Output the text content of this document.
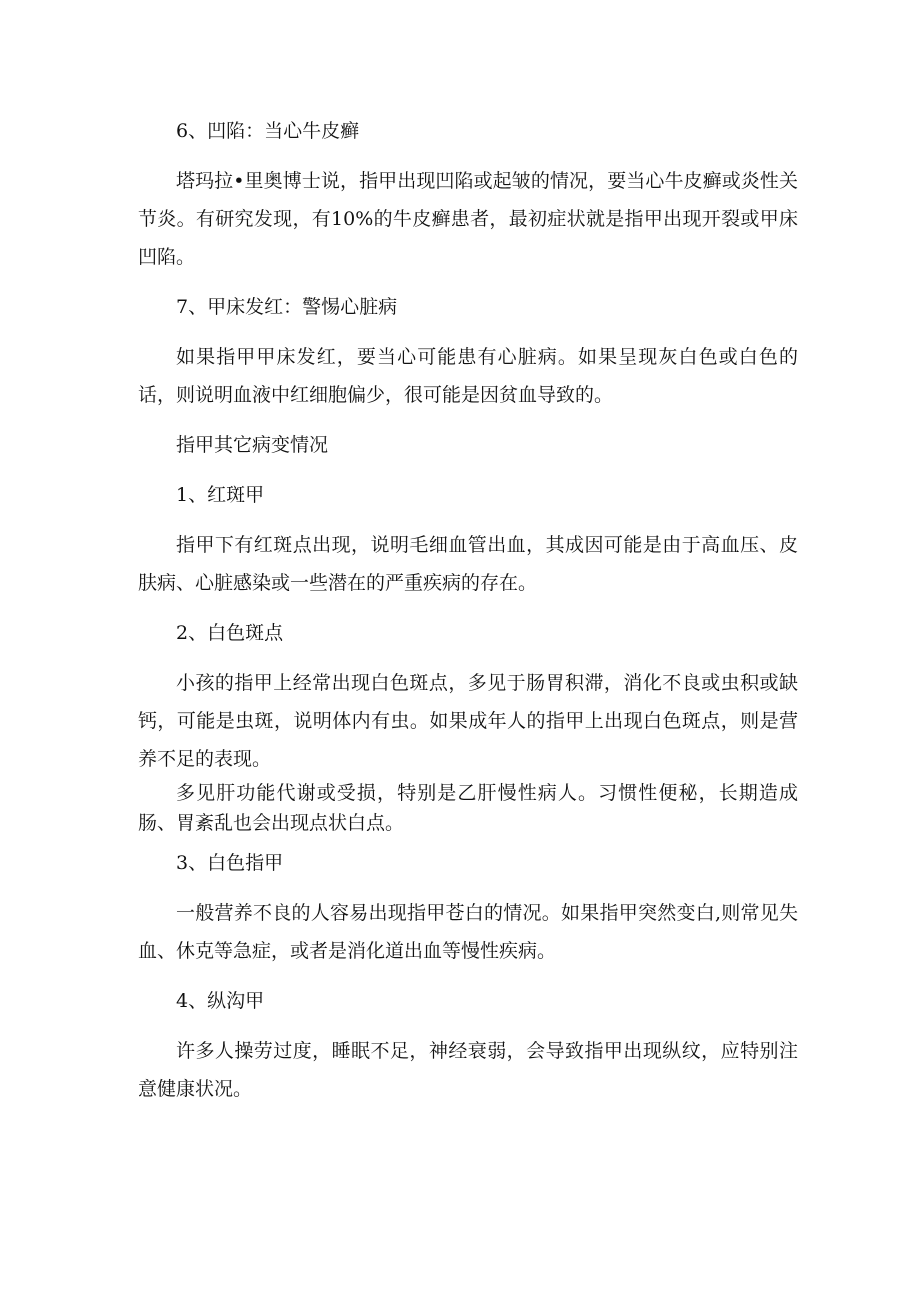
6、凹陷：当心牛皮癣

塔玛拉•里奥博士说，指甲出现凹陷或起皱的情况，要当心牛皮癣或炎性关节炎。有研究发现，有10%的牛皮癣患者，最初症状就是指甲出现开裂或甲床凹陷。

7、甲床发红：警惕心脏病

如果指甲甲床发红，要当心可能患有心脏病。如果呈现灰白色或白色的话，则说明血液中红细胞偏少，很可能是因贫血导致的。

指甲其它病变情况

1、红斑甲

指甲下有红斑点出现，说明毛细血管出血，其成因可能是由于高血压、皮肤病、心脏感染或一些潜在的严重疾病的存在。

2、白色斑点

小孩的指甲上经常出现白色斑点，多见于肠胃积滞，消化不良或虫积或缺钙，可能是虫斑，说明体内有虫。如果成年人的指甲上出现白色斑点，则是营养不足的表现。

多见肝功能代谢或受损，特别是乙肝慢性病人。习惯性便秘，长期造成肠、胃紊乱也会出现点状白点。

3、白色指甲

一般营养不良的人容易出现指甲苍白的情况。如果指甲突然变白,则常见失血、休克等急症，或者是消化道出血等慢性疾病。

4、纵沟甲

许多人操劳过度，睡眠不足，神经衰弱，会导致指甲出现纵纹，应特别注意健康状况。
